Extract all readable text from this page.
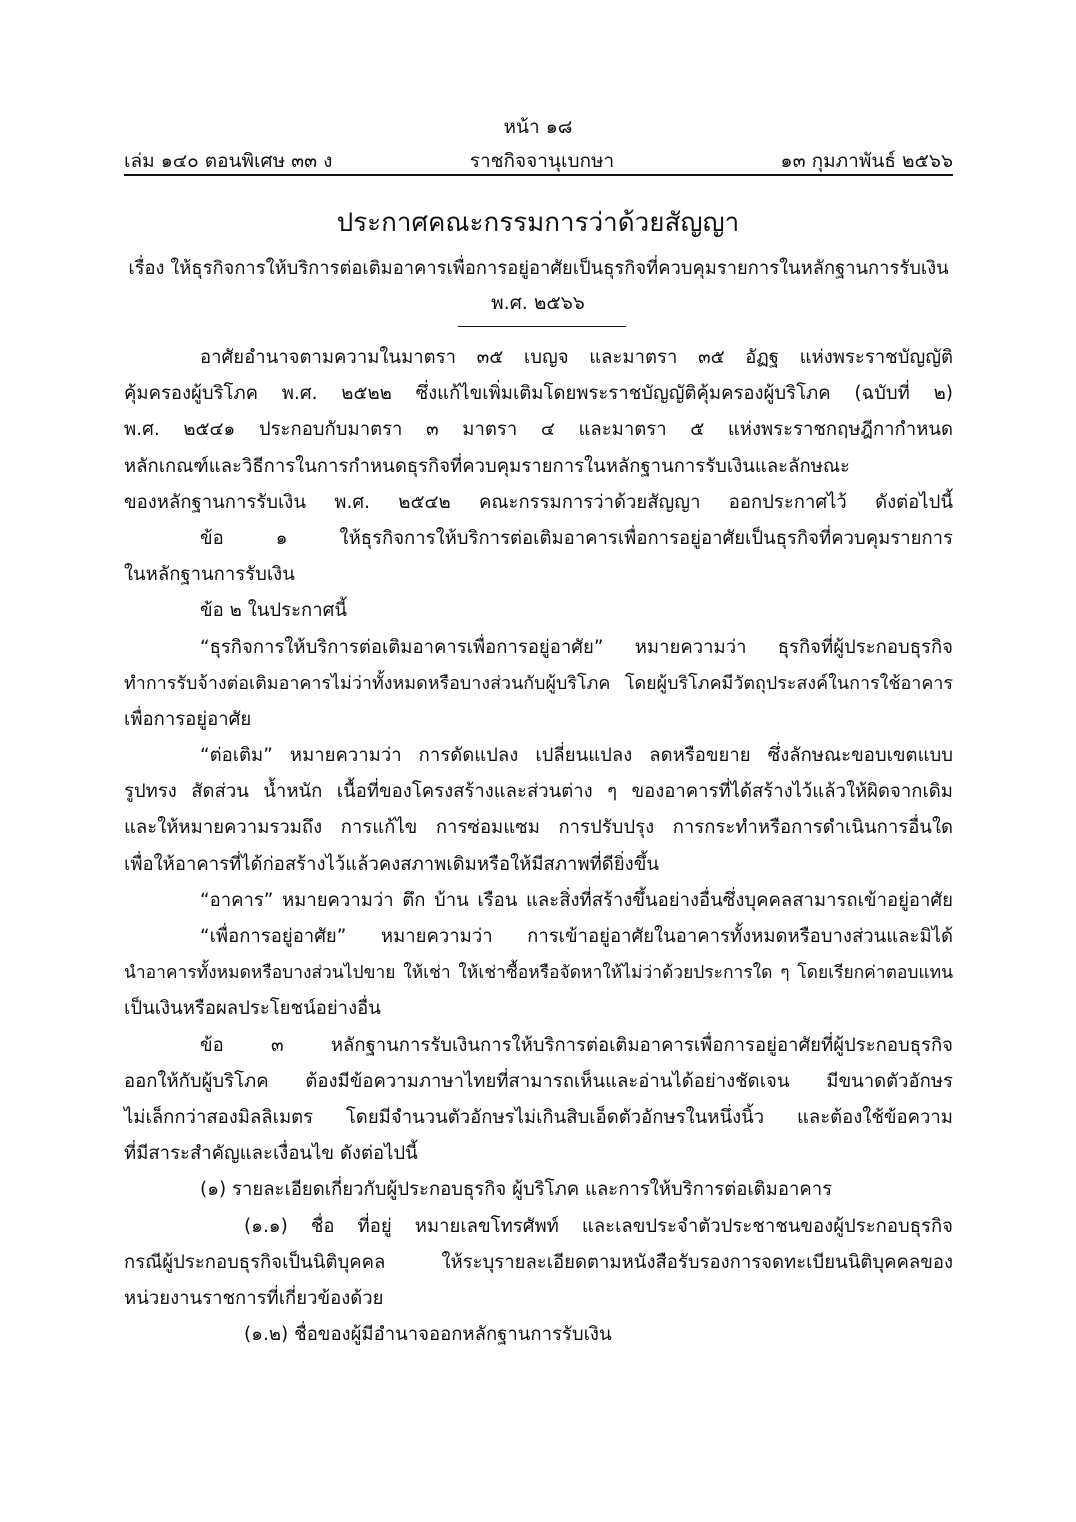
หน้า ๑๘
เล่ม ๑๔๐ ตอนพิเศษ ๓๓ ง	ราชกิจจานุเบกษา	๑๓ กุมภาพันธ์ ๒๕๖๖
ประกาศคณะกรรมการว่าด้วยสัญญา
เรื่อง ให้ธุรกิจการให้บริการต่อเติมอาคารเพื่อการอยู่อาศัยเป็นธุรกิจที่ควบคุมรายการในหลักฐานการรับเงิน
พ.ศ. ๒๕๖๖
อาศัยอำนาจตามความในมาตรา ๓๕ เบญจ และมาตรา ๓๕ อัฏฐ แห่งพระราชบัญญัติ
คุ้มครองผู้บริโภค พ.ศ. ๒๕๒๒ ซึ่งแก้ไขเพิ่มเติมโดยพระราชบัญญัติคุ้มครองผู้บริโภค (ฉบับที่ ๒)
พ.ศ. ๒๕๔๑ ประกอบกับมาตรา ๓ มาตรา ๔ และมาตรา ๕ แห่งพระราชกฤษฎีกากำหนด
หลักเกณฑ์และวิธีการในการกำหนดธุรกิจที่ควบคุมรายการในหลักฐานการรับเงินและลักษณะ
ของหลักฐานการรับเงิน พ.ศ. ๒๕๔๒ คณะกรรมการว่าด้วยสัญญา ออกประกาศไว้ ดังต่อไปนี้
ข้อ ๑ ให้ธุรกิจการให้บริการต่อเติมอาคารเพื่อการอยู่อาศัยเป็นธุรกิจที่ควบคุมรายการ
ในหลักฐานการรับเงิน
ข้อ ๒ ในประกาศนี้
“ธุรกิจการให้บริการต่อเติมอาคารเพื่อการอยู่อาศัย” หมายความว่า ธุรกิจที่ผู้ประกอบธุรกิจ
ทำการรับจ้างต่อเติมอาคารไม่ว่าทั้งหมดหรือบางส่วนกับผู้บริโภค โดยผู้บริโภคมีวัตถุประสงค์ในการใช้อาคาร
เพื่อการอยู่อาศัย
“ต่อเติม” หมายความว่า การดัดแปลง เปลี่ยนแปลง ลดหรือขยาย ซึ่งลักษณะขอบเขตแบบ
รูปทรง สัดส่วน น้ำหนัก เนื้อที่ของโครงสร้างและส่วนต่าง ๆ ของอาคารที่ได้สร้างไว้แล้วให้ผิดจากเดิม
และให้หมายความรวมถึง การแก้ไข การซ่อมแซม การปรับปรุง การกระทำหรือการดำเนินการอื่นใด
เพื่อให้อาคารที่ได้ก่อสร้างไว้แล้วคงสภาพเดิมหรือให้มีสภาพที่ดียิ่งขึ้น
“อาคาร” หมายความว่า ตึก บ้าน เรือน และสิ่งที่สร้างขึ้นอย่างอื่นซึ่งบุคคลสามารถเข้าอยู่อาศัย
“เพื่อการอยู่อาศัย” หมายความว่า การเข้าอยู่อาศัยในอาคารทั้งหมดหรือบางส่วนและมิได้
นำอาคารทั้งหมดหรือบางส่วนไปขาย ให้เช่า ให้เช่าซื้อหรือจัดหาให้ไม่ว่าด้วยประการใด ๆ โดยเรียกค่าตอบแทน
เป็นเงินหรือผลประโยชน์อย่างอื่น
ข้อ ๓ หลักฐานการรับเงินการให้บริการต่อเติมอาคารเพื่อการอยู่อาศัยที่ผู้ประกอบธุรกิจ
ออกให้กับผู้บริโภค ต้องมีข้อความภาษาไทยที่สามารถเห็นและอ่านได้อย่างชัดเจน มีขนาดตัวอักษร
ไม่เล็กกว่าสองมิลลิเมตร โดยมีจำนวนตัวอักษรไม่เกินสิบเอ็ดตัวอักษรในหนึ่งนิ้ว และต้องใช้ข้อความ
ที่มีสาระสำคัญและเงื่อนไข ดังต่อไปนี้
(๑) รายละเอียดเกี่ยวกับผู้ประกอบธุรกิจ ผู้บริโภค และการให้บริการต่อเติมอาคาร
(๑.๑) ชื่อ ที่อยู่ หมายเลขโทรศัพท์ และเลขประจำตัวประชาชนของผู้ประกอบธุรกิจ
กรณีผู้ประกอบธุรกิจเป็นนิติบุคคล ให้ระบุรายละเอียดตามหนังสือรับรองการจดทะเบียนนิติบุคคลของ
หน่วยงานราชการที่เกี่ยวข้องด้วย
(๑.๒) ชื่อของผู้มีอำนาจออกหลักฐานการรับเงิน
